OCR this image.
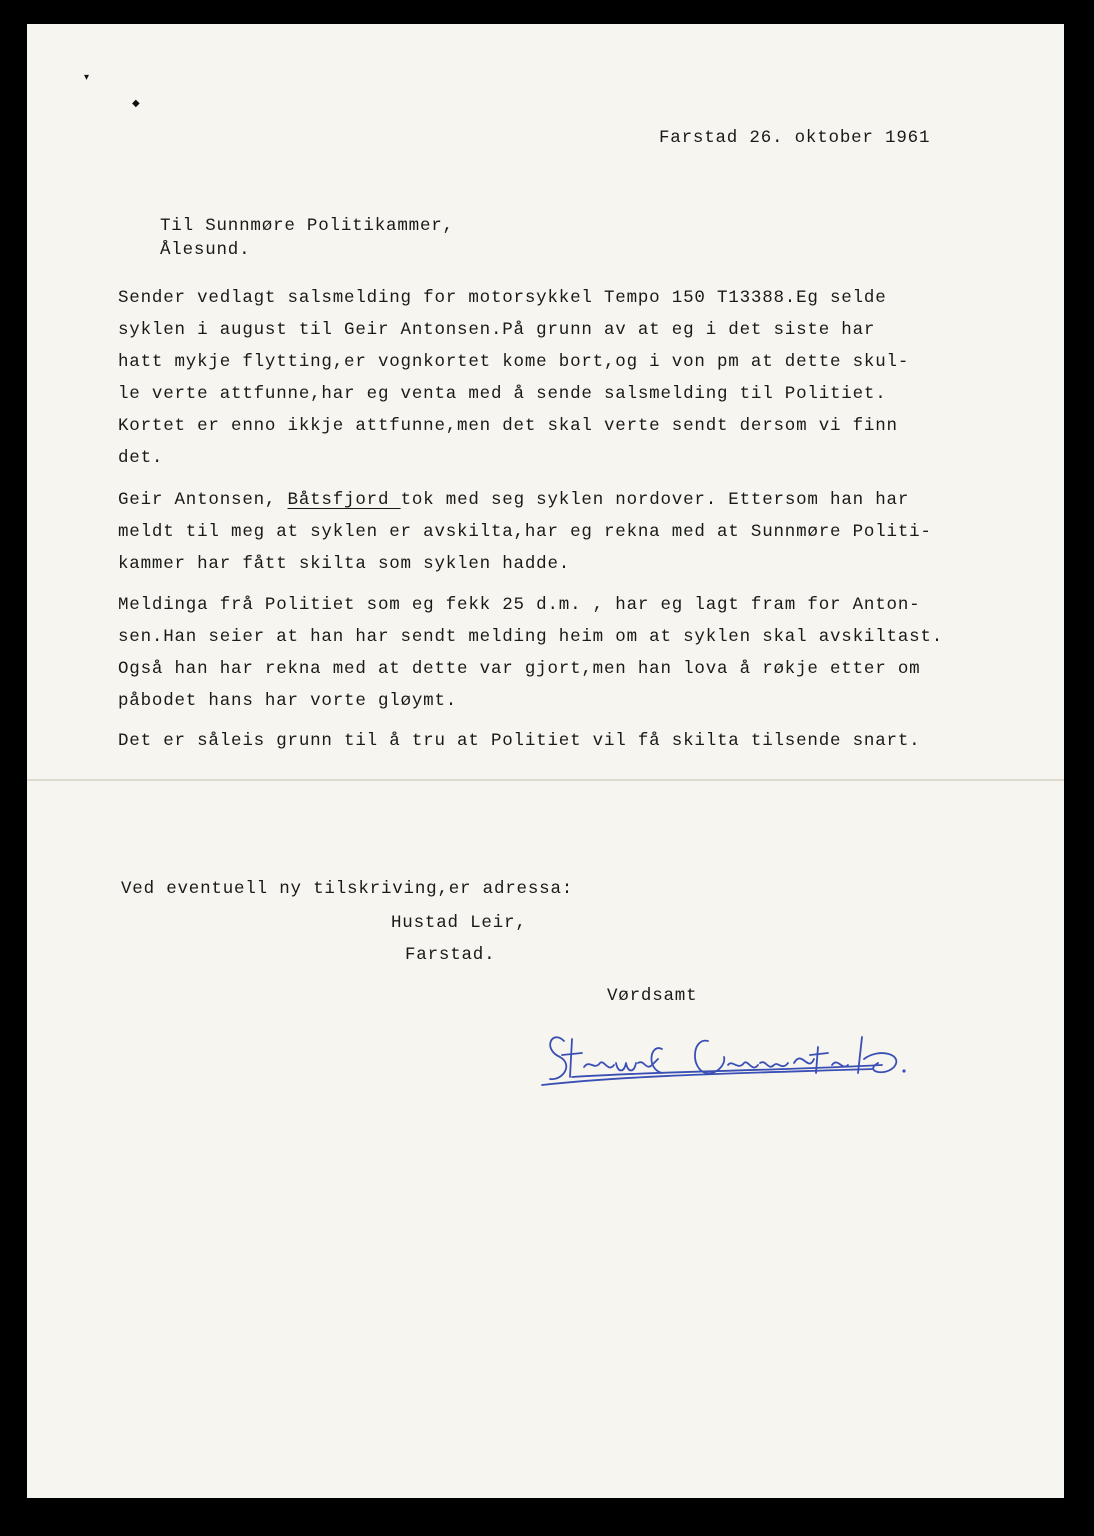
▾
◆
Farstad 26. oktober 1961
Til Sunnmøre Politikammer,
Ålesund.
Sender vedlagt salsmelding for motorsykkel Tempo 150 T13388.Eg selde
syklen i august til Geir Antonsen.På grunn av at eg i det siste har
hatt mykje flytting,er vognkortet kome bort,og i von pm at dette skul-
le verte attfunne,har eg venta med å sende salsmelding til Politiet.
Kortet er enno ikkje attfunne,men det skal verte sendt dersom vi finn
det.
Geir Antonsen, Båtsfjord tok med seg syklen nordover. Ettersom han har
meldt til meg at syklen er avskilta,har eg rekna med at Sunnmøre Politi-
kammer har fått skilta som syklen hadde.
Meldinga frå Politiet som eg fekk 25 d.m. , har eg lagt fram for Anton-
sen.Han seier at han har sendt melding heim om at syklen skal avskiltast.
Også han har rekna med at dette var gjort,men han lova å røkje etter om
påbodet hans har vorte gløymt.
Det er såleis grunn til å tru at Politiet vil få skilta tilsende snart.
Ved eventuell ny tilskriving,er adressa:
Hustad Leir,
Farstad.
Vørdsamt
